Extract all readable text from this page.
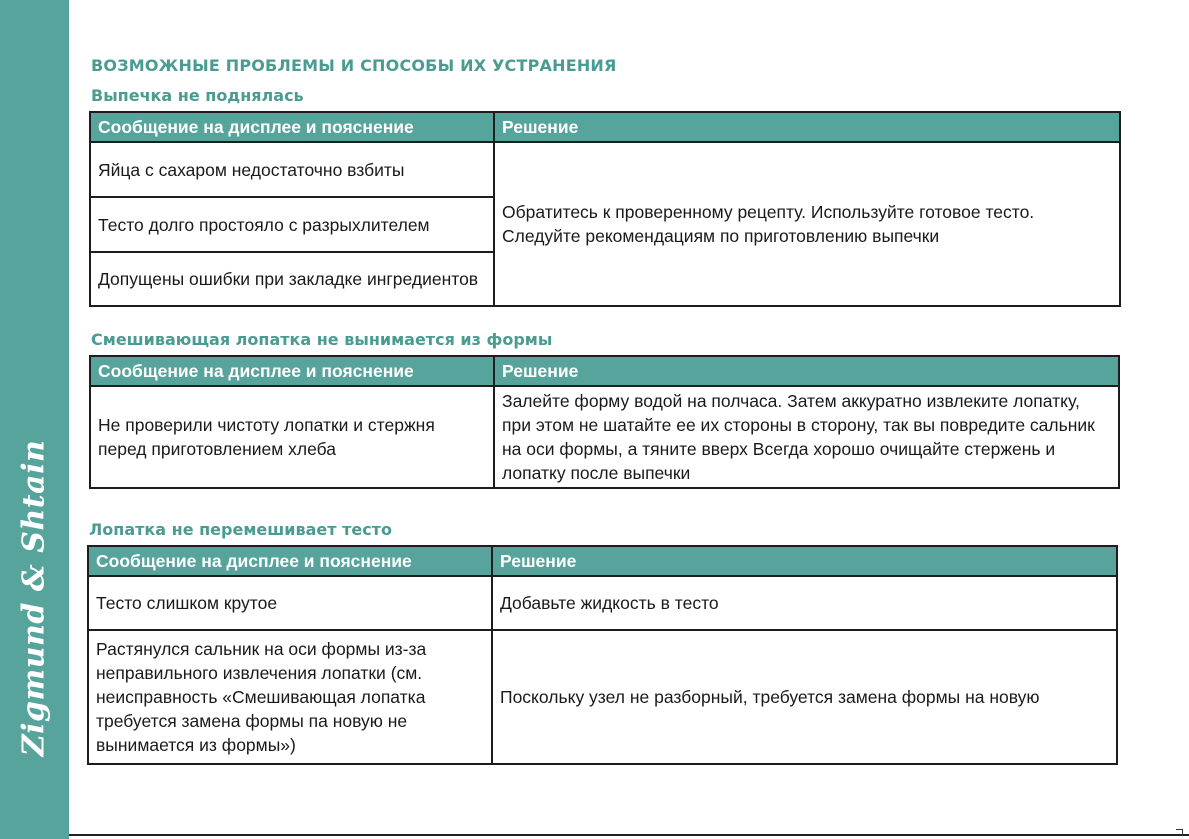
Zigmund & Shtain
ВОЗМОЖНЫЕ ПРОБЛЕМЫ И СПОСОБЫ ИХ УСТРАНЕНИЯ
Выпечка не поднялась
Сообщение на дисплее и пояснение	Решение
Яйца с сахаром недостаточно взбиты	Обратитесь к проверенному рецепту. Используйте готовое тесто. Следуйте рекомендациям по приготовлению выпечки
Тесто долго простояло с разрыхлителем	
Допущены ошибки при закладке ингредиентов	
Смешивающая лопатка не вынимается из формы
Сообщение на дисплее и пояснение	Решение
Не проверили чистоту лопатки и стержня перед приготовлением хлеба	Залейте форму водой на полчаса. Затем аккуратно извлеките лопатку, при этом не шатайте ее их стороны в сторону, так вы повредите сальник на оси формы, а тяните вверх Всегда хорошо очищайте стержень и лопатку после выпечки
Лопатка не перемешивает тесто
Сообщение на дисплее и пояснение	Решение
Тесто слишком крутое	Добавьте жидкость в тесто
Растянулся сальник на оси формы из-за неправильного извлечения лопатки (см. неисправность «Смешивающая лопатка требуется замена формы па новую не вынимается из формы»)	Поскольку узел не разборный, требуется замена формы на новую
